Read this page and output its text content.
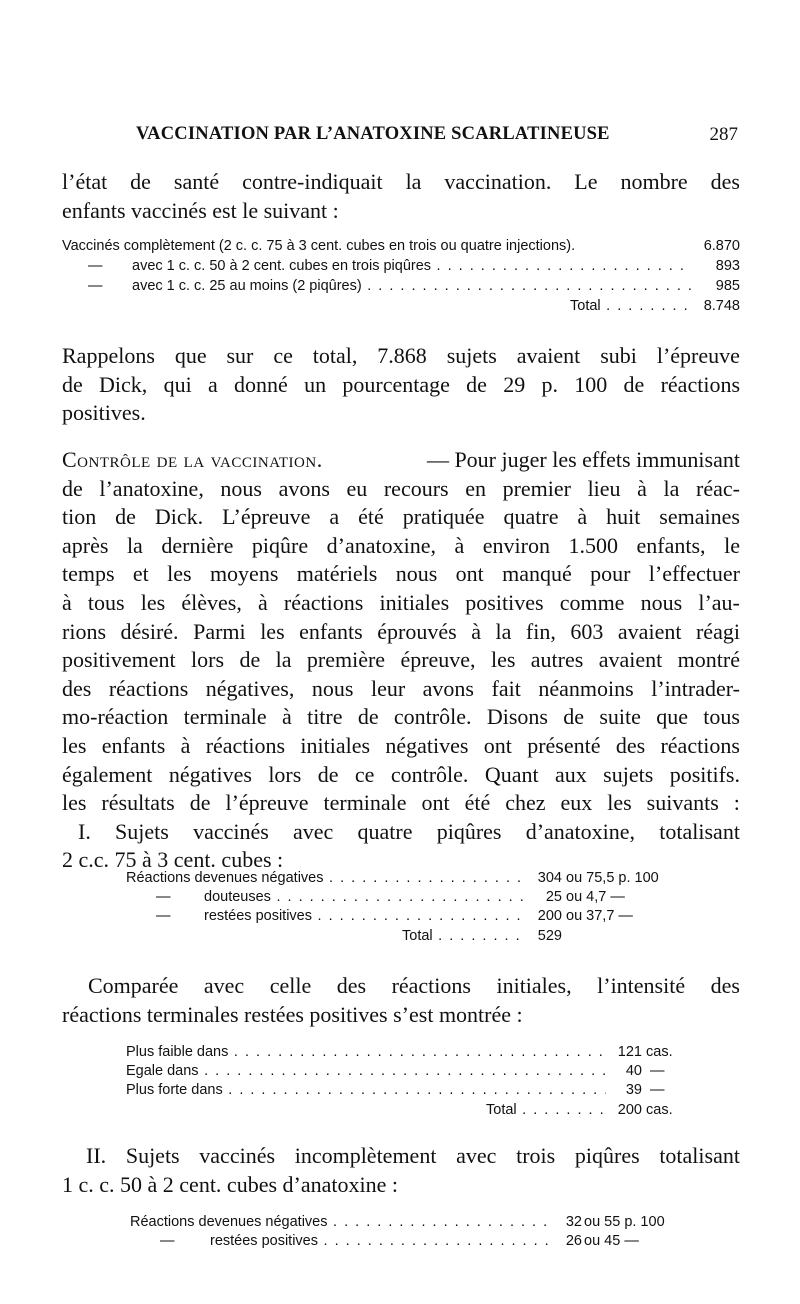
VACCINATION PAR L’ANATOXINE SCARLATINEUSE	287
l’état de santé contre-indiquait la vaccination. Le nombre des
enfants vaccinés est le suivant :
Vaccinés complètement (2 c. c. 75 à 3 cent. cubes en trois ou quatre injections).	6.870
— avec 1 c. c. 50 à 2 cent. cubes en trois piqûres . . .	893
— avec 1 c. c. 25 au moins (2 piqûres) . . .	985
Total . . .	8.748
Rappelons que sur ce total, 7.868 sujets avaient subi l’épreuve
de Dick, qui a donné un pourcentage de 29 p. 100 de réactions
positives.
Contrôle de la vaccination.	— Pour juger les effets immunisant
de l’anatoxine, nous avons eu recours en premier lieu à la réac-
tion de Dick. L’épreuve a été pratiquée quatre à huit semaines
après la dernière piqûre d’anatoxine, à environ 1.500 enfants, le
temps et les moyens matériels nous ont manqué pour l’effectuer
à tous les élèves, à réactions initiales positives comme nous l’au-
rions désiré. Parmi les enfants éprouvés à la fin, 603 avaient réagi
positivement lors de la première épreuve, les autres avaient montré
des réactions négatives, nous leur avons fait néanmoins l’intrader-
mo-réaction terminale à titre de contrôle. Disons de suite que tous
les enfants à réactions initiales négatives ont présenté des réactions
également négatives lors de ce contrôle. Quant aux sujets positifs.
les résultats de l’épreuve terminale ont été chez eux les suivants :
I. Sujets vaccinés avec quatre piqûres d’anatoxine, totalisant
2 c.c. 75 à 3 cent. cubes :
Réactions devenues négatives . . .	304 ou 75,5 p. 100
— douteuses . . .	25 ou 4,7 —
— restées positives . . .	200 ou 37,7 —
Total . . .	529
Comparée avec celle des réactions initiales, l’intensité des
réactions terminales restées positives s’est montrée :
Plus faible dans . . .	121 cas.
Egale dans . . .	40 —
Plus forte dans . . .	39 —
Total . . .	200 cas.
II. Sujets vaccinés incomplètement avec trois piqûres totalisant
1 c. c. 50 à 2 cent. cubes d’anatoxine :
Réactions devenues négatives . . .	32 ou 55 p. 100
— restées positives . . .	26 ou 45 —
